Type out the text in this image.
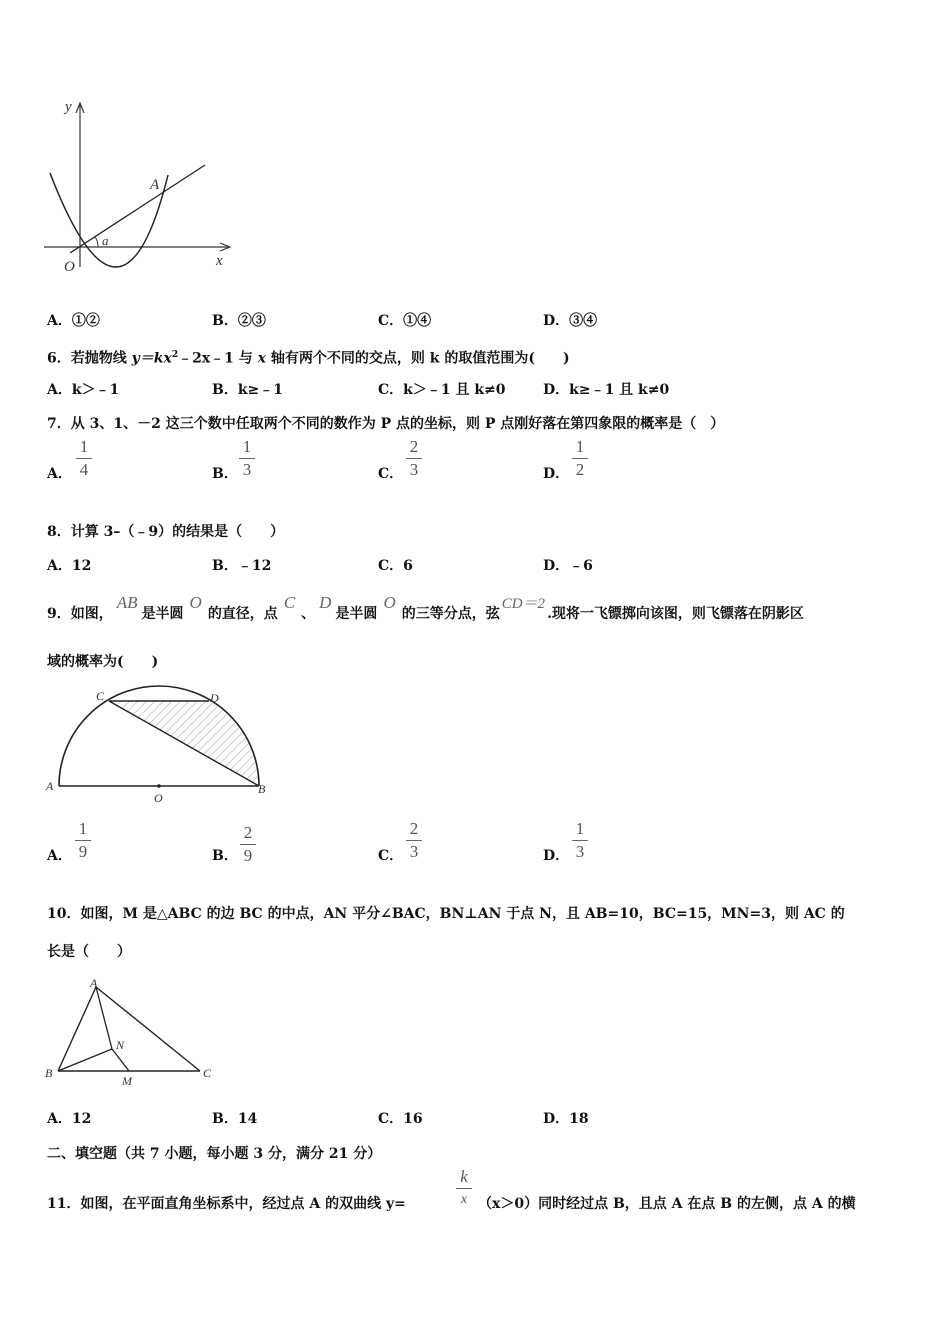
y
x
O
A
a
A．①②	B．②③	C．①④	D．③④
6．若抛物线 $y=kx^2﹣2x﹣1$ 与 x 轴有两个不同的交点，则 k 的取值范围为(　　)
A．k＞﹣1	B．k≥﹣1	C．k＞﹣1 且 k≠0	D．k≥﹣1 且 k≠0
7．从 3、1、－2 这三个数中任取两个不同的数作为 P 点的坐标，则 P 点刚好落在第四象限的概率是（　）
A．
1
4	B．
1
3	C．
2
3	D．
1
2
8．计算 3–（﹣9）的结果是（　　）
A．12	B．﹣12	C．6	D．﹣6
9．如图，AB是半圆O的直径，点C、D是半圆O的三等分点，弦CD＝2.现将一飞镖掷向该图，则飞镖落在阴影区
域的概率为(　　)
A	B
C	D
O
A．
1
9	B．
2
9	C．
2
3	D．
1
3
10．如图，M 是△ABC 的边 BC 的中点，AN 平分∠BAC，BN⊥AN 于点 N，且 AB=10，BC=15，MN=3，则 AC 的
长是（　　）
A
B	C
M
N
A．12	B．14	C．16	D．18
二、填空题（共 7 小题，每小题 3 分，满分 21 分）
11．如图，在平面直角坐标系中，经过点 A 的双曲线 y=
k
x （x＞0）同时经过点 B，且点 A 在点 B 的左侧，点 A 的横
